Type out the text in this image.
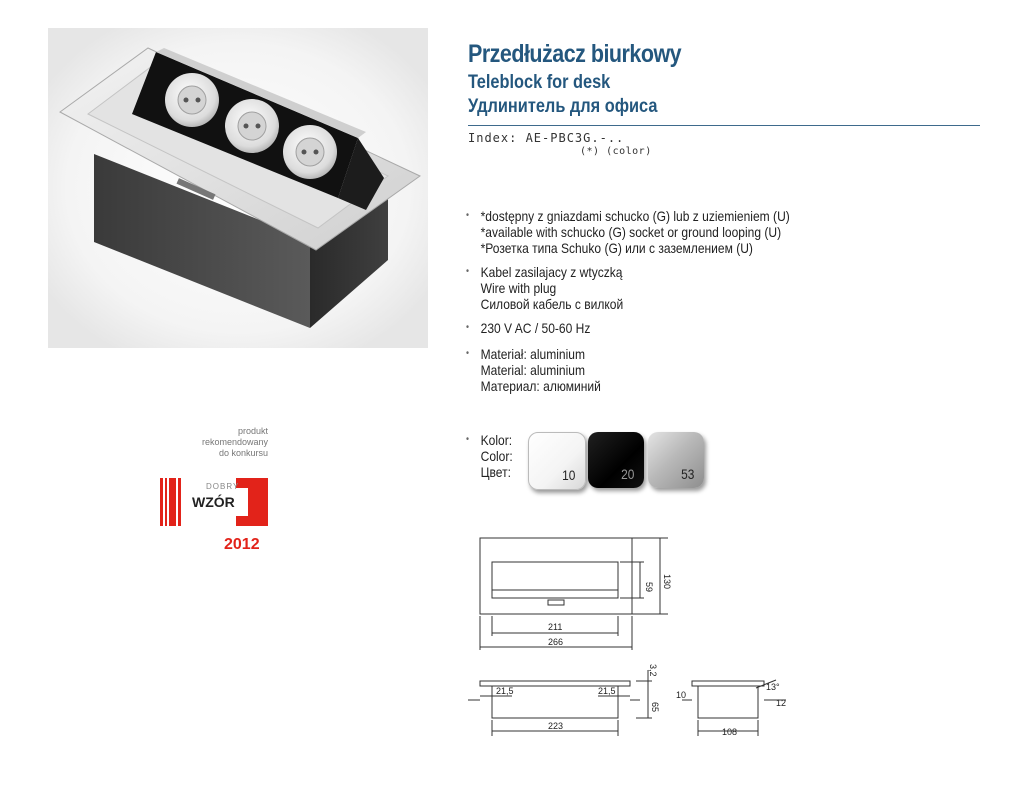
Przedłużacz biurkowy
Teleblock for desk
Удлинитель для офиса
Index: AE-PBC3G.-..
(*) (color)
• *dostępny z gniazdami schucko (G) lub z uziemieniem (U)
*available with schucko (G) socket or ground looping (U)
*Розетка типа Schuko (G) или с заземлением (U)
• Kabel zasilajacy z wtyczką
Wire with plug
Силовой кабель с вилкой
• 230 V AC / 50-60 Hz
• Materiał: aluminium
Material: aluminium
Материал: алюминий
• Kolor:
Color:
Цвет:	10	20	53
produkt
rekomendowany
do konkursu
DOBRY
WZÓR
2012
211
266
59 130
21,5	21,5
65
3,2
223
10
13°
12
108
